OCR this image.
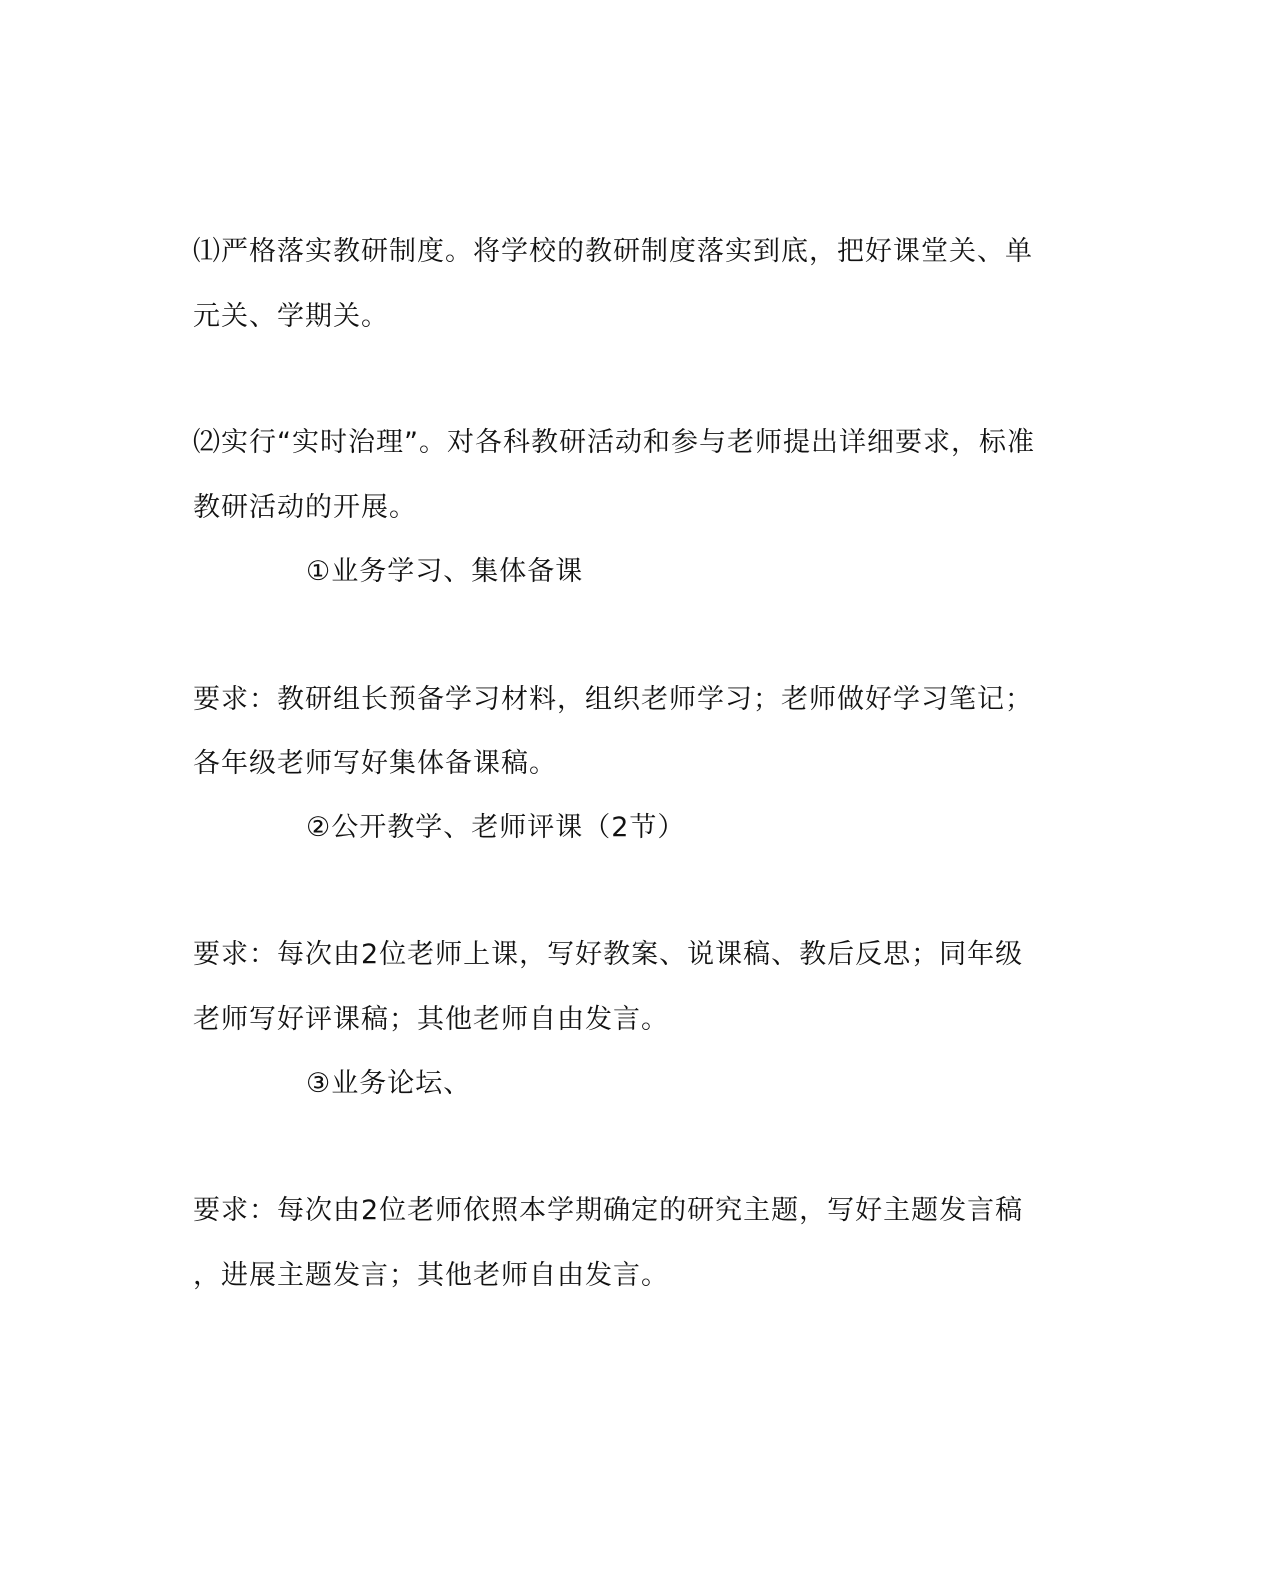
⑴严格落实教研制度。将学校的教研制度落实到底，把好课堂关、单
元关、学期关。
⑵实行“实时治理”。对各科教研活动和参与老师提出详细要求，标准
教研活动的开展。
①业务学习、集体备课
要求：教研组长预备学习材料，组织老师学习；老师做好学习笔记；
各年级老师写好集体备课稿。
②公开教学、老师评课（2节）
要求：每次由2位老师上课，写好教案、说课稿、教后反思；同年级
老师写好评课稿；其他老师自由发言。
③业务论坛、
要求：每次由2位老师依照本学期确定的研究主题，写好主题发言稿
，进展主题发言；其他老师自由发言。
